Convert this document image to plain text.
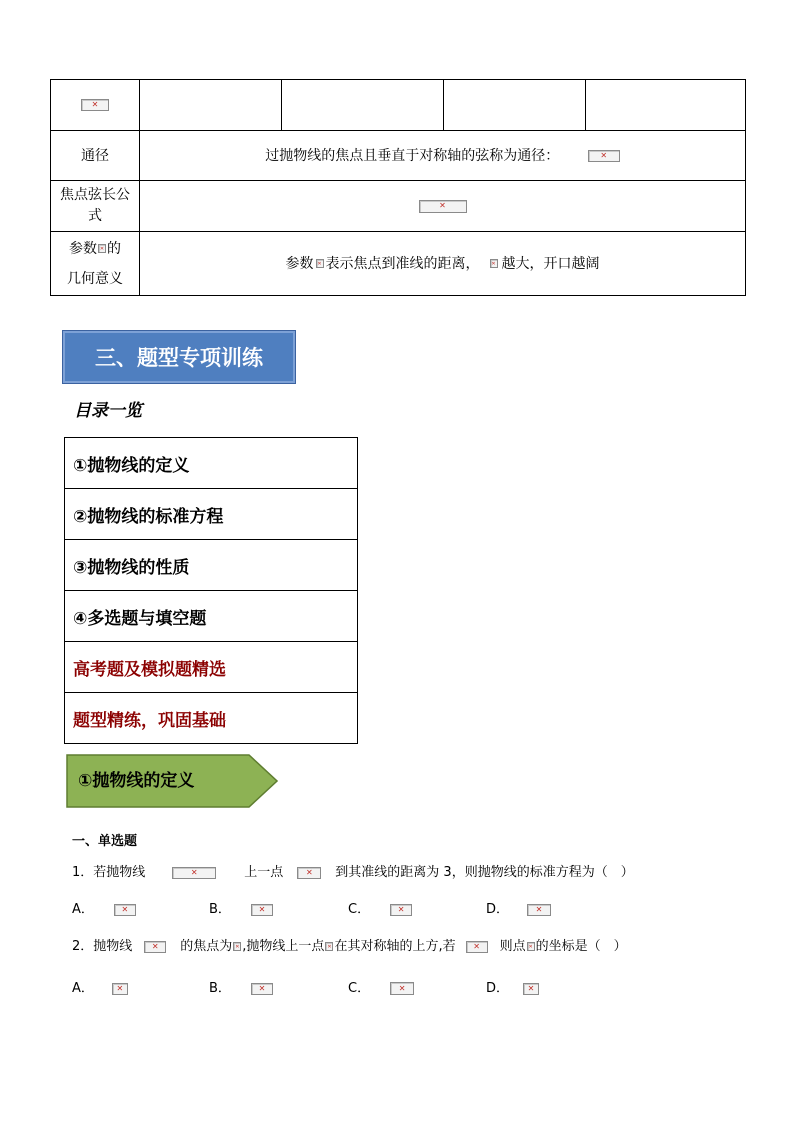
✕				
通径	过抛物线的焦点且垂直于对称轴的弦称为通径： ✕
焦点弦长公式	✕
参数 ✕ 的
几何意义	参数 ✕ 表示焦点到准线的距离， ✕ 越大，开口越阔
三、题型专项训练
目录一览
①抛物线的定义
②抛物线的标准方程
③抛物线的性质
④多选题与填空题
高考题及模拟题精选
题型精练，巩固基础
①抛物线的定义
一、单选题
1．若抛物线 ✕	上一点 ✕	到其准线的距离为 3，则抛物线的标准方程为（　）
A． ✕	B． ✕	C． ✕	D．✕
2．抛物线 ✕	的焦点为 ✕ ,抛物线上一点 ✕ 在其对称轴的上方,若 ✕	则点 ✕ 的坐标是（　）
A． ✕	B． ✕	C． ✕	D．✕
